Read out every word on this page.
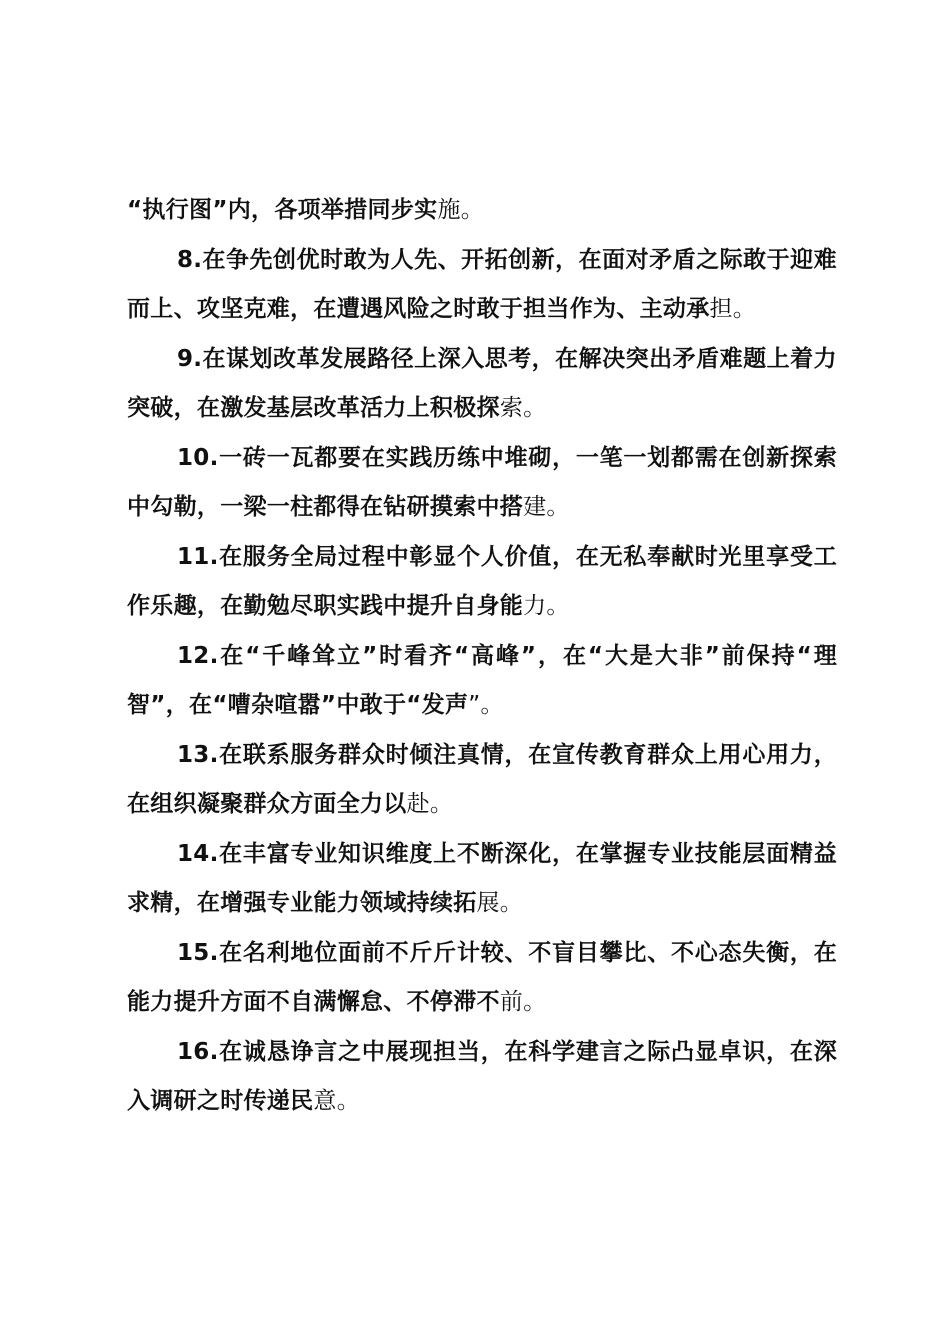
“执行图”内，各项举措同步实施。

8.在争先创优时敢为人先、开拓创新，在面对矛盾之际敢于迎难而上、攻坚克难，在遭遇风险之时敢于担当作为、主动承担。

9.在谋划改革发展路径上深入思考，在解决突出矛盾难题上着力突破，在激发基层改革活力上积极探索。

10.一砖一瓦都要在实践历练中堆砌，一笔一划都需在创新探索中勾勒，一梁一柱都得在钻研摸索中搭建。

11.在服务全局过程中彰显个人价值，在无私奉献时光里享受工作乐趣，在勤勉尽职实践中提升自身能力。

12.在“千峰耸立”时看齐“高峰”，在“大是大非”前保持“理智”，在“嘈杂喧嚣”中敢于“发声”。

13.在联系服务群众时倾注真情，在宣传教育群众上用心用力，在组织凝聚群众方面全力以赴。

14.在丰富专业知识维度上不断深化，在掌握专业技能层面精益求精，在增强专业能力领域持续拓展。

15.在名利地位面前不斤斤计较、不盲目攀比、不心态失衡，在能力提升方面不自满懈怠、不停滞不前。

16.在诚恳诤言之中展现担当，在科学建言之际凸显卓识，在深入调研之时传递民意。
